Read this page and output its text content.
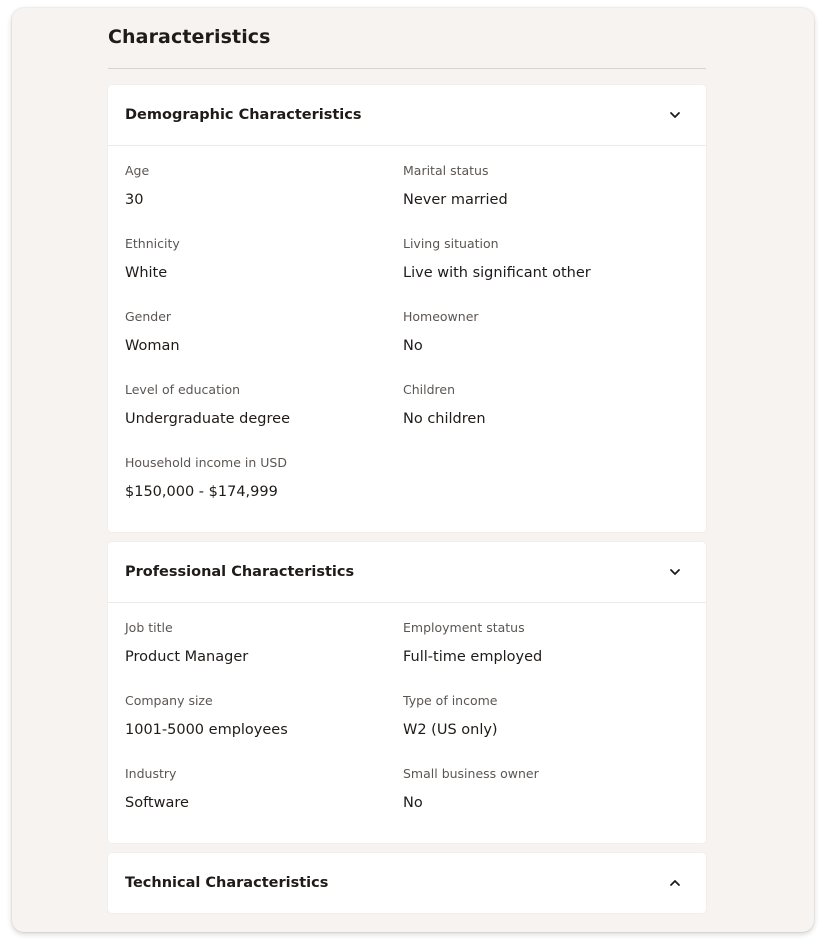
Characteristics
Demographic Characteristics
Age
30
Marital status
Never married
Ethnicity
White
Living situation
Live with significant other
Gender
Woman
Homeowner
No
Level of education
Undergraduate degree
Children
No children
Household income in USD
$150,000 - $174,999
Professional Characteristics
Job title
Product Manager
Employment status
Full-time employed
Company size
1001-5000 employees
Type of income
W2 (US only)
Industry
Software
Small business owner
No
Technical Characteristics
